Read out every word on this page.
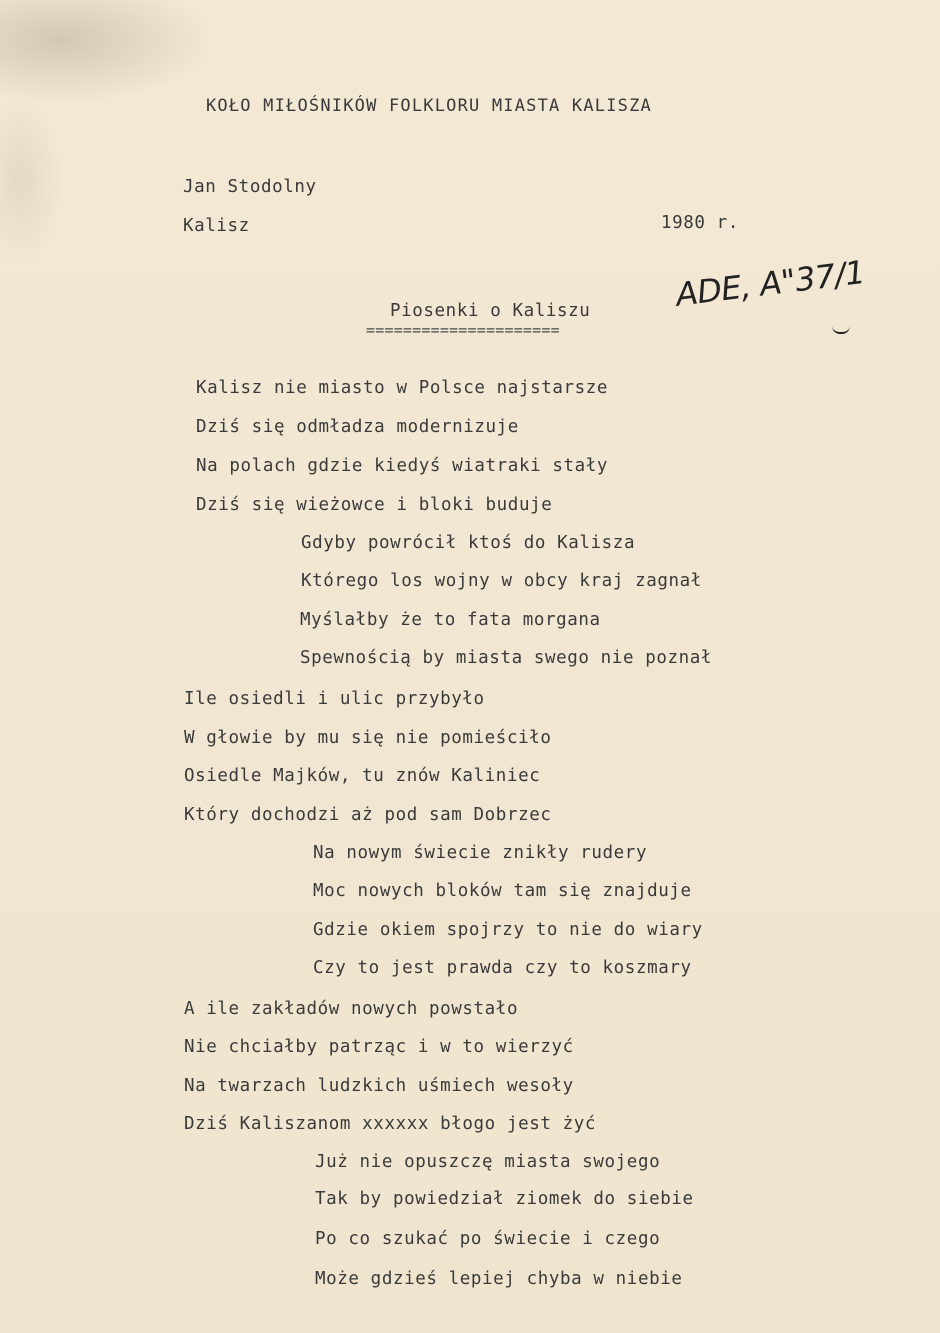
KOŁO MIŁOŚNIKÓW FOLKLORU MIASTA KALISZA
Jan Stodolny
Kalisz	1980 r.
ADE, A"37/1
Piosenki o Kaliszu
=====================
Kalisz nie miasto w Polsce najstarsze
Dziś się odmładza modernizuje
Na polach gdzie kiedyś wiatraki stały
Dziś się wieżowce i bloki buduje
Gdyby powrócił ktoś do Kalisza
Którego los wojny w obcy kraj zagnał
Myślałby że to fata morgana
Spewnością by miasta swego nie poznał
Ile osiedli i ulic przybyło
W głowie by mu się nie pomieściło
Osiedle Majków, tu znów Kaliniec
Który dochodzi aż pod sam Dobrzec
Na nowym świecie znikły rudery
Moc nowych bloków tam się znajduje
Gdzie okiem spojrzy to nie do wiary
Czy to jest prawda czy to koszmary
A ile zakładów nowych powstało
Nie chciałby patrząc i w to wierzyć
Na twarzach ludzkich uśmiech wesoły
Dziś Kaliszanom xxxxxx błogo jest żyć
Już nie opuszczę miasta swojego
Tak by powiedział ziomek do siebie
Po co szukać po świecie i czego
Może gdzieś lepiej chyba w niebie
